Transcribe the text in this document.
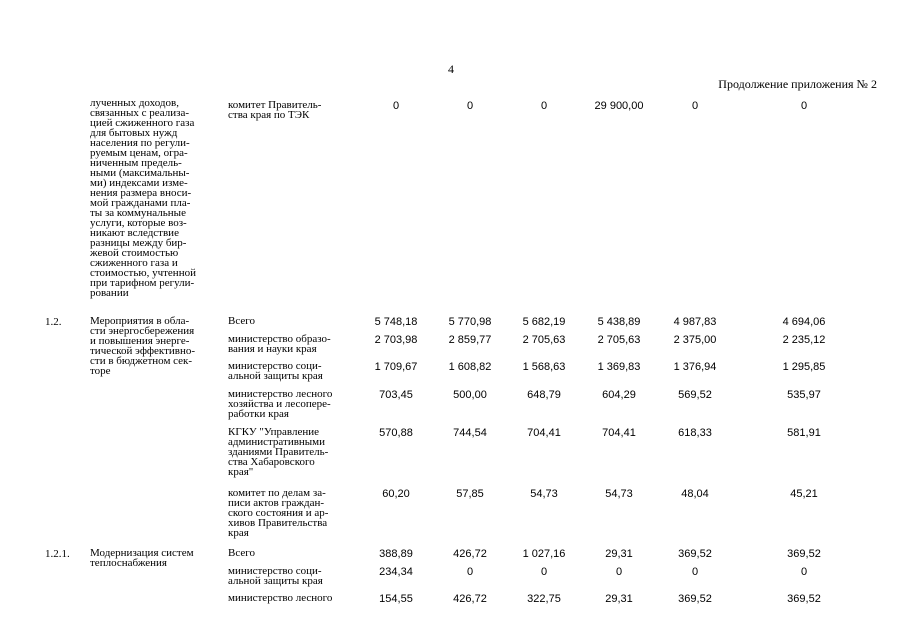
4
Продолжение приложения № 2
лученных доходов,
связанных с реализа-
цией сжиженного газа
для бытовых нужд
населения по регули-
руемым ценам, огра-
ниченным предель-
ными (максимальны-
ми) индексами изме-
нения размера вноси-
мой гражданами пла-
ты за коммунальные
услуги, которые воз-
никают вследствие
разницы между бир-
жевой стоимостью
сжиженного газа и
стоимостью, учтенной
при тарифном регули-
ровании
комитет Правитель-
ства края по ТЭК
0	0	0	29 900,00	0	0
1.2.	Мероприятия в обла-
сти энергосбережения
и повышения энерге-
тической эффективно-
сти в бюджетном сек-
торе
Всего	5 748,18	5 770,98	5 682,19	5 438,89	4 987,83	4 694,06
министерство образо-
вания и науки края
2 703,98	2 859,77	2 705,63	2 705,63	2 375,00	2 235,12
министерство соци-
альной защиты края
1 709,67	1 608,82	1 568,63	1 369,83	1 376,94	1 295,85
министерство лесного
хозяйства и лесопере-
работки края
703,45	500,00	648,79	604,29	569,52	535,97
КГКУ "Управление
административными
зданиями Правитель-
ства Хабаровского
края"
570,88	744,54	704,41	704,41	618,33	581,91
комитет по делам за-
писи актов граждан-
ского состояния и ар-
хивов Правительства
края
60,20	57,85	54,73	54,73	48,04	45,21
1.2.1. Модернизация систем
теплоснабжения
Всего	388,89	426,72	1 027,16	29,31	369,52	369,52
министерство соци-
альной защиты края
234,34	0	0	0	0	0
министерство лесного	154,55	426,72	322,75	29,31	369,52	369,52
